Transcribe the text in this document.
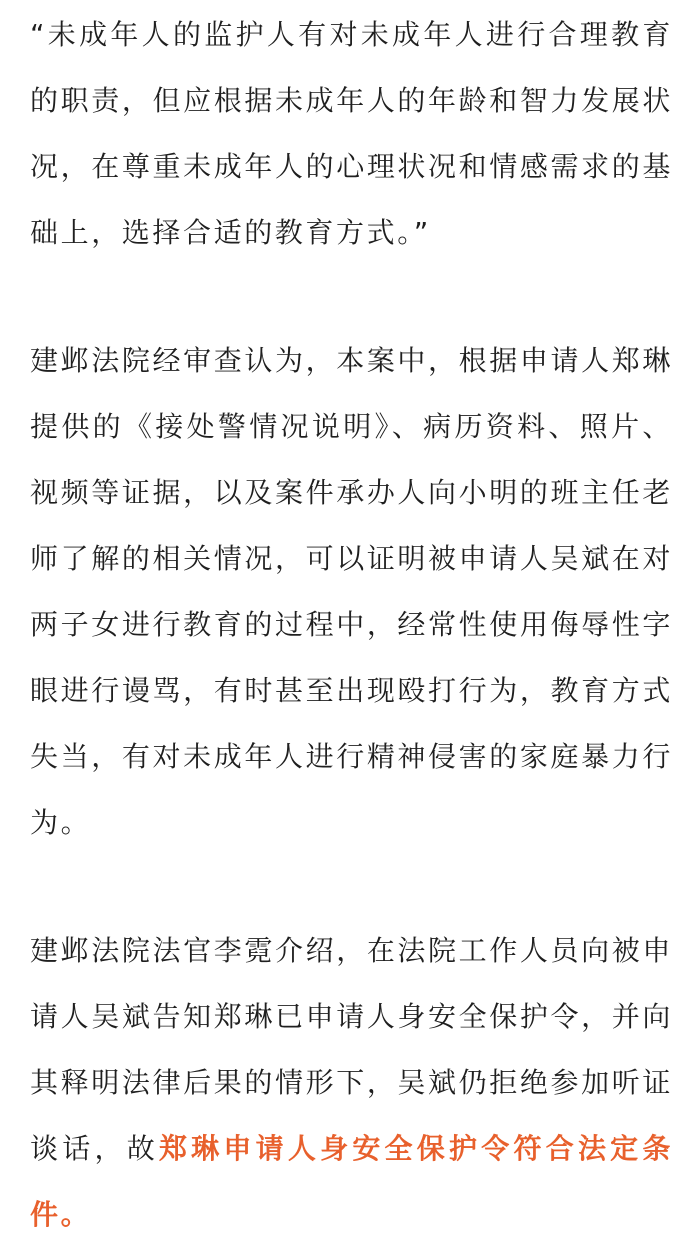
“未成年人的监护人有对未成年人进行合理教育的职责，但应根据未成年人的年龄和智力发展状况，在尊重未成年人的心理状况和情感需求的基础上，选择合适的教育方式。”

建邺法院经审查认为，本案中，根据申请人郑琳提供的《接处警情况说明》、病历资料、照片、视频等证据，以及案件承办人向小明的班主任老师了解的相关情况，可以证明被申请人吴斌在对两子女进行教育的过程中，经常性使用侮辱性字眼进行谩骂，有时甚至出现殴打行为，教育方式失当，有对未成年人进行精神侵害的家庭暴力行为。

建邺法院法官李霓介绍，在法院工作人员向被申请人吴斌告知郑琳已申请人身安全保护令，并向其释明法律后果的情形下，吴斌仍拒绝参加听证谈话，故郑琳申请人身安全保护令符合法定条件。
